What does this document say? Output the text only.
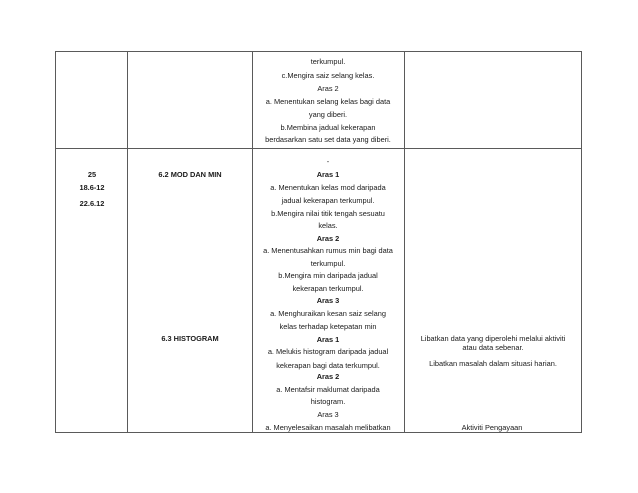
25
18.6-12
22.6.12
6.2 MOD DAN MIN
6.3 HISTOGRAM
terkumpul.
c.Mengira saiz selang kelas.
Aras 2
a. Menentukan selang kelas bagi data
yang diberi.
b.Membina jadual kekerapan
berdasarkan satu set data yang diberi.
-
Aras 1
a. Menentukan kelas mod daripada
jadual kekerapan terkumpul.
b.Mengira nilai titik tengah sesuatu
kelas.
Aras 2
a. Menentusahkan rumus min bagi data
terkumpul.
b.Mengira min daripada jadual
kekerapan terkumpul.
Aras 3
a. Menghuraikan kesan saiz selang
kelas terhadap ketepatan min
Aras 1
a. Melukis histogram daripada jadual
kekerapan bagi data terkumpul.
Aras 2
a. Mentafsir maklumat daripada
histogram.
Aras 3
a. Menyelesaikan masalah melibatkan
Libatkan data yang diperolehi melalui aktiviti atau data sebenar.
Libatkan masalah dalam situasi harian.
Aktiviti Pengayaan
